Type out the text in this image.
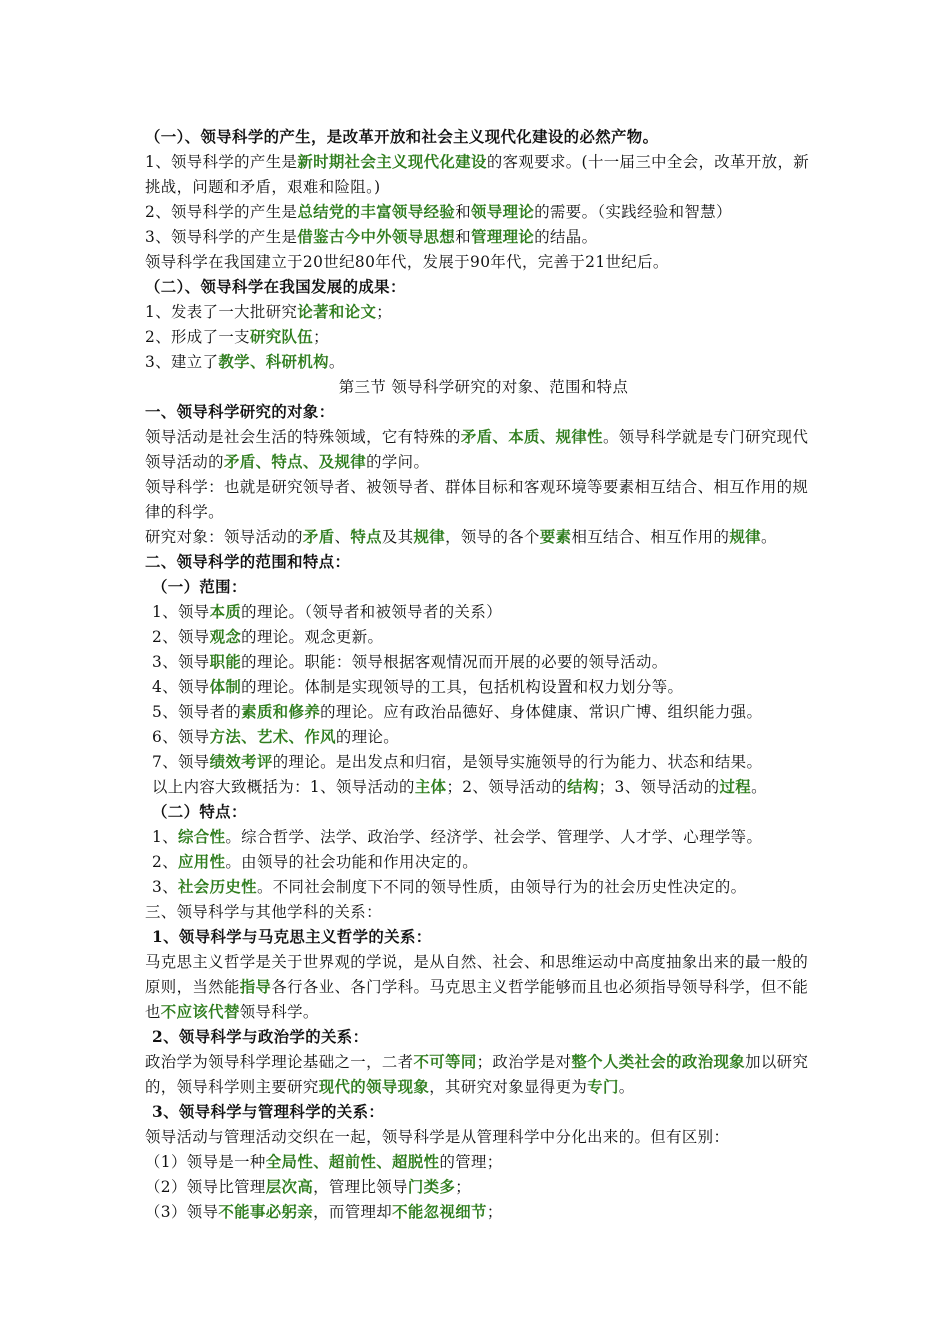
（一）、领导科学的产生，是改革开放和社会主义现代化建设的必然产物。
1、领导科学的产生是新时期社会主义现代化建设的客观要求。(十一届三中全会，改革开放，新挑战，问题和矛盾，艰难和险阻。)
2、领导科学的产生是总结党的丰富领导经验和领导理论的需要。（实践经验和智慧）
3、领导科学的产生是借鉴古今中外领导思想和管理理论的结晶。
领导科学在我国建立于20世纪80年代，发展于90年代，完善于21世纪后。
（二）、领导科学在我国发展的成果：
1、发表了一大批研究论著和论文；
2、形成了一支研究队伍；
3、建立了教学、科研机构。
第三节 领导科学研究的对象、范围和特点
一、领导科学研究的对象：
领导活动是社会生活的特殊领域，它有特殊的矛盾、本质、规律性。领导科学就是专门研究现代领导活动的矛盾、特点、及规律的学问。
领导科学：也就是研究领导者、被领导者、群体目标和客观环境等要素相互结合、相互作用的规律的科学。
研究对象：领导活动的矛盾、特点及其规律，领导的各个要素相互结合、相互作用的规律。
二、领导科学的范围和特点：
（一）范围：
1、领导本质的理论。（领导者和被领导者的关系）
2、领导观念的理论。观念更新。
3、领导职能的理论。职能：领导根据客观情况而开展的必要的领导活动。
4、领导体制的理论。体制是实现领导的工具，包括机构设置和权力划分等。
5、领导者的素质和修养的理论。应有政治品德好、身体健康、常识广博、组织能力强。
6、领导方法、艺术、作风的理论。
7、领导绩效考评的理论。是出发点和归宿，是领导实施领导的行为能力、状态和结果。
以上内容大致概括为：1、领导活动的主体；2、领导活动的结构；3、领导活动的过程。
（二）特点：
1、综合性。综合哲学、法学、政治学、经济学、社会学、管理学、人才学、心理学等。
2、应用性。由领导的社会功能和作用决定的。
3、社会历史性。不同社会制度下不同的领导性质，由领导行为的社会历史性决定的。
三、领导科学与其他学科的关系：
1、领导科学与马克思主义哲学的关系：
马克思主义哲学是关于世界观的学说，是从自然、社会、和思维运动中高度抽象出来的最一般的原则，当然能指导各行各业、各门学科。马克思主义哲学能够而且也必须指导领导科学，但不能也不应该代替领导科学。
2、领导科学与政治学的关系：
政治学为领导科学理论基础之一，二者不可等同；政治学是对整个人类社会的政治现象加以研究的，领导科学则主要研究现代的领导现象，其研究对象显得更为专门。
3、领导科学与管理科学的关系：
领导活动与管理活动交织在一起，领导科学是从管理科学中分化出来的。但有区别：
（1）领导是一种全局性、超前性、超脱性的管理；
（2）领导比管理层次高，管理比领导门类多；
（3）领导不能事必躬亲，而管理却不能忽视细节；
